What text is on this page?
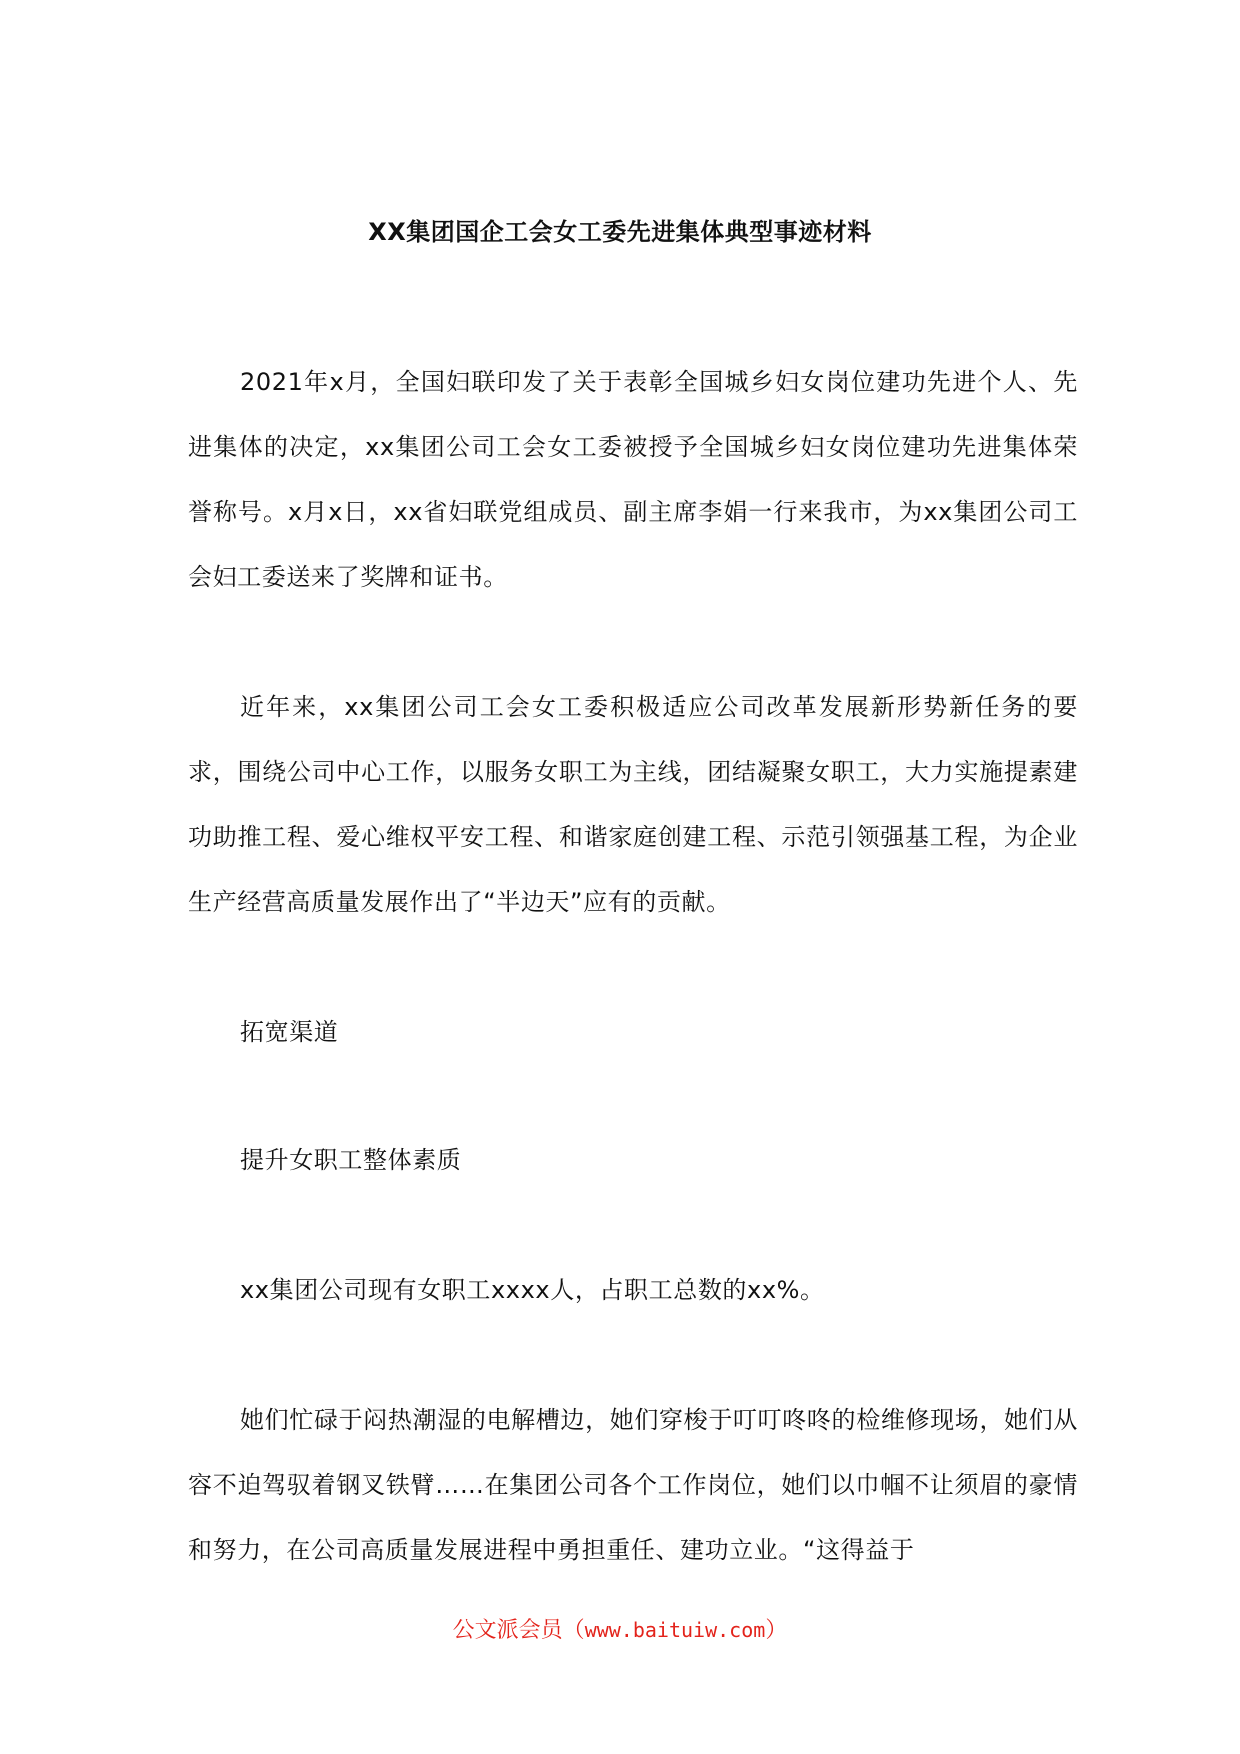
XX集团国企工会女工委先进集体典型事迹材料

2021年x月，全国妇联印发了关于表彰全国城乡妇女岗位建功先进个人、先进集体的决定，xx集团公司工会女工委被授予全国城乡妇女岗位建功先进集体荣誉称号。x月x日，xx省妇联党组成员、副主席李娟一行来我市，为xx集团公司工会妇工委送来了奖牌和证书。

近年来，xx集团公司工会女工委积极适应公司改革发展新形势新任务的要求，围绕公司中心工作，以服务女职工为主线，团结凝聚女职工，大力实施提素建功助推工程、爱心维权平安工程、和谐家庭创建工程、示范引领强基工程，为企业生产经营高质量发展作出了“半边天”应有的贡献。

拓宽渠道

提升女职工整体素质

xx集团公司现有女职工xxxx人，占职工总数的xx%。

她们忙碌于闷热潮湿的电解槽边，她们穿梭于叮叮咚咚的检维修现场，她们从容不迫驾驭着钢叉铁臂……在集团公司各个工作岗位，她们以巾帼不让须眉的豪情和努力，在公司高质量发展进程中勇担重任、建功立业。“这得益于

公文派会员（www.baituiw.com）
